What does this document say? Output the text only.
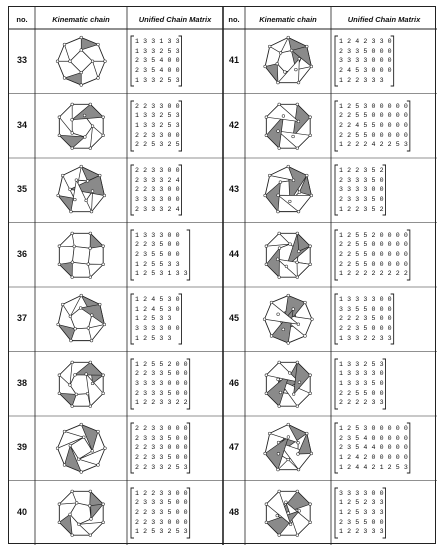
no.	Kinematic chain	Unified Chain Matrix	no.	Kinematic chain	Unified Chain Matrix
33
1 3 3 1 3 3
1 3 3 2 5 3
2 3 5 4 0 0
2 3 5 4 0 0
1 3 3 2 5 3
34
2 2 3 3 0 0
1 3 3 2 5 3
1 3 3 2 5 3
2 2 3 3 0 0
2 2 5 3 2 5
35
2 2 3 3 0 0
2 3 3 3 2 4
2 2 3 3 0 0
3 3 3 3 0 0
2 3 3 3 2 4
36
1 3 3 3 0 0
2 2 3 5 0 0
2 3 5 5 0 0
1 2 5 5 3 3
1 2 5 3 1 3 3
37
1 2 4 5 3 0
1 2 4 5 3 0
1 2 5 3 3
3 3 3 3 0 0
1 2 5 3 3
38
1 2 5 5 2 0 0
2 2 3 3 5 0 0
3 3 3 3 0 0 0
2 3 3 3 5 0 0
1 2 2 3 3 2 2
39
2 2 3 3 0 0 0
2 3 3 3 5 0 0
2 2 3 3 0 0 0
2 2 3 3 5 0 0
2 2 3 3 2 5 3
40
1 2 2 3 3 0 0
2 3 3 3 5 0 0
2 2 3 3 5 0 0
2 2 3 3 0 0 0
1 2 5 3 2 5 3
41
1 2 4 2 3 3 0
2 3 3 5 0 0 0
3 3 3 3 0 0 0
2 4 5 3 0 0 0
1 2 2 3 3 3
42
1 2 5 3 0 0 0 0 0
2 2 5 5 0 0 0 0 0
2 2 4 5 5 0 0 0 0
2 2 5 5 0 0 0 0 0
1 2 2 2 4 2 2 5 3
43
1 2 2 3 5 2
2 3 3 3 5 0
3 3 3 3 0 0
2 3 3 3 5 0
1 2 2 3 5 2
44
1 2 5 5 2 0 0 0 0
2 2 5 5 0 0 0 0 0
2 2 5 5 0 0 0 0 0
2 2 5 5 0 0 0 0 0
1 2 2 2 2 2 2 2 2
45
1 3 3 3 3 0 0
3 3 5 5 0 0 0
2 2 2 3 5 0 0
2 2 3 5 0 0 0
1 3 3 2 2 3 3
46
1 3 3 2 5 3
1 3 3 3 3 0
1 3 3 3 5 0
2 2 5 5 0 0
2 2 2 2 3 3
47
1 2 5 3 0 0 0 0 0
2 3 5 4 0 0 0 0 0
2 3 5 4 4 0 0 0 0
1 2 4 2 0 0 0 0 0
1 2 4 4 2 1 2 5 3
48
3 3 3 3 0 0
1 2 5 2 3 3
1 2 5 3 3 3
2 3 5 5 0 0
1 2 2 3 3 3
